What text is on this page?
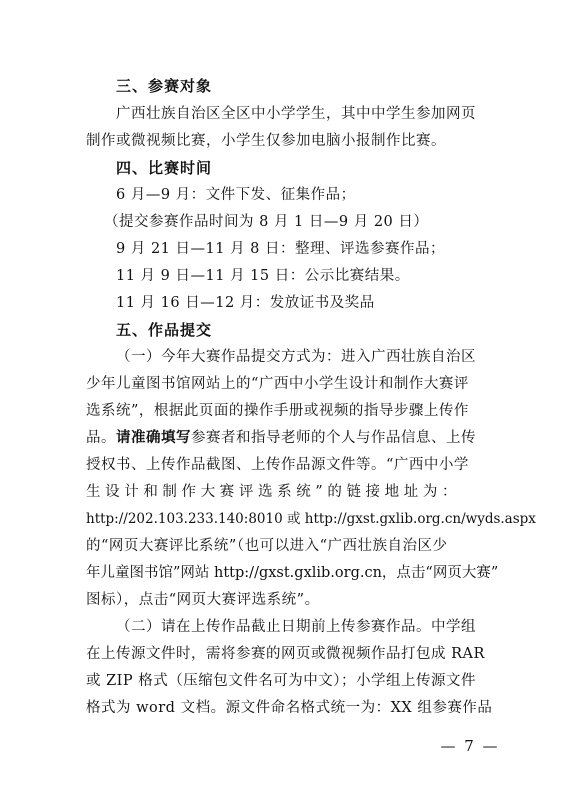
三、参赛对象
广西壮族自治区全区中小学学生，其中中学生参加网页
制作或微视频比赛，小学生仅参加电脑小报制作比赛。
四、比赛时间
6 月—9 月：文件下发、征集作品；
（提交参赛作品时间为 8 月 1 日—9 月 20 日）
9 月 21 日—11 月 8 日：整理、评选参赛作品；
11 月 9 日—11 月 15 日：公示比赛结果。
11 月 16 日—12 月：发放证书及奖品
五、作品提交
（一）今年大赛作品提交方式为：进入广西壮族自治区
少年儿童图书馆网站上的“广西中小学生设计和制作大赛评
选系统”，根据此页面的操作手册或视频的指导步骤上传作
品。请准确填写参赛者和指导老师的个人与作品信息、上传
授权书、上传作品截图、上传作品源文件等。“广西中小学
生 设 计 和 制 作 大 赛 评 选 系 统 ” 的 链 接 地 址 为 ：
http://202.103.233.140:8010 或 http://gxst.gxlib.org.cn/wyds.aspx
的“网页大赛评比系统”（也可以进入“广西壮族自治区少
年儿童图书馆”网站 http://gxst.gxlib.org.cn，点击“网页大赛”
图标），点击“网页大赛评选系统”。
（二）请在上传作品截止日期前上传参赛作品。中学组
在上传源文件时，需将参赛的网页或微视频作品打包成 RAR
或 ZIP 格式（压缩包文件名可为中文）；小学组上传源文件
格式为 word 文档。源文件命名格式统一为：XX 组参赛作品
— 7 —
